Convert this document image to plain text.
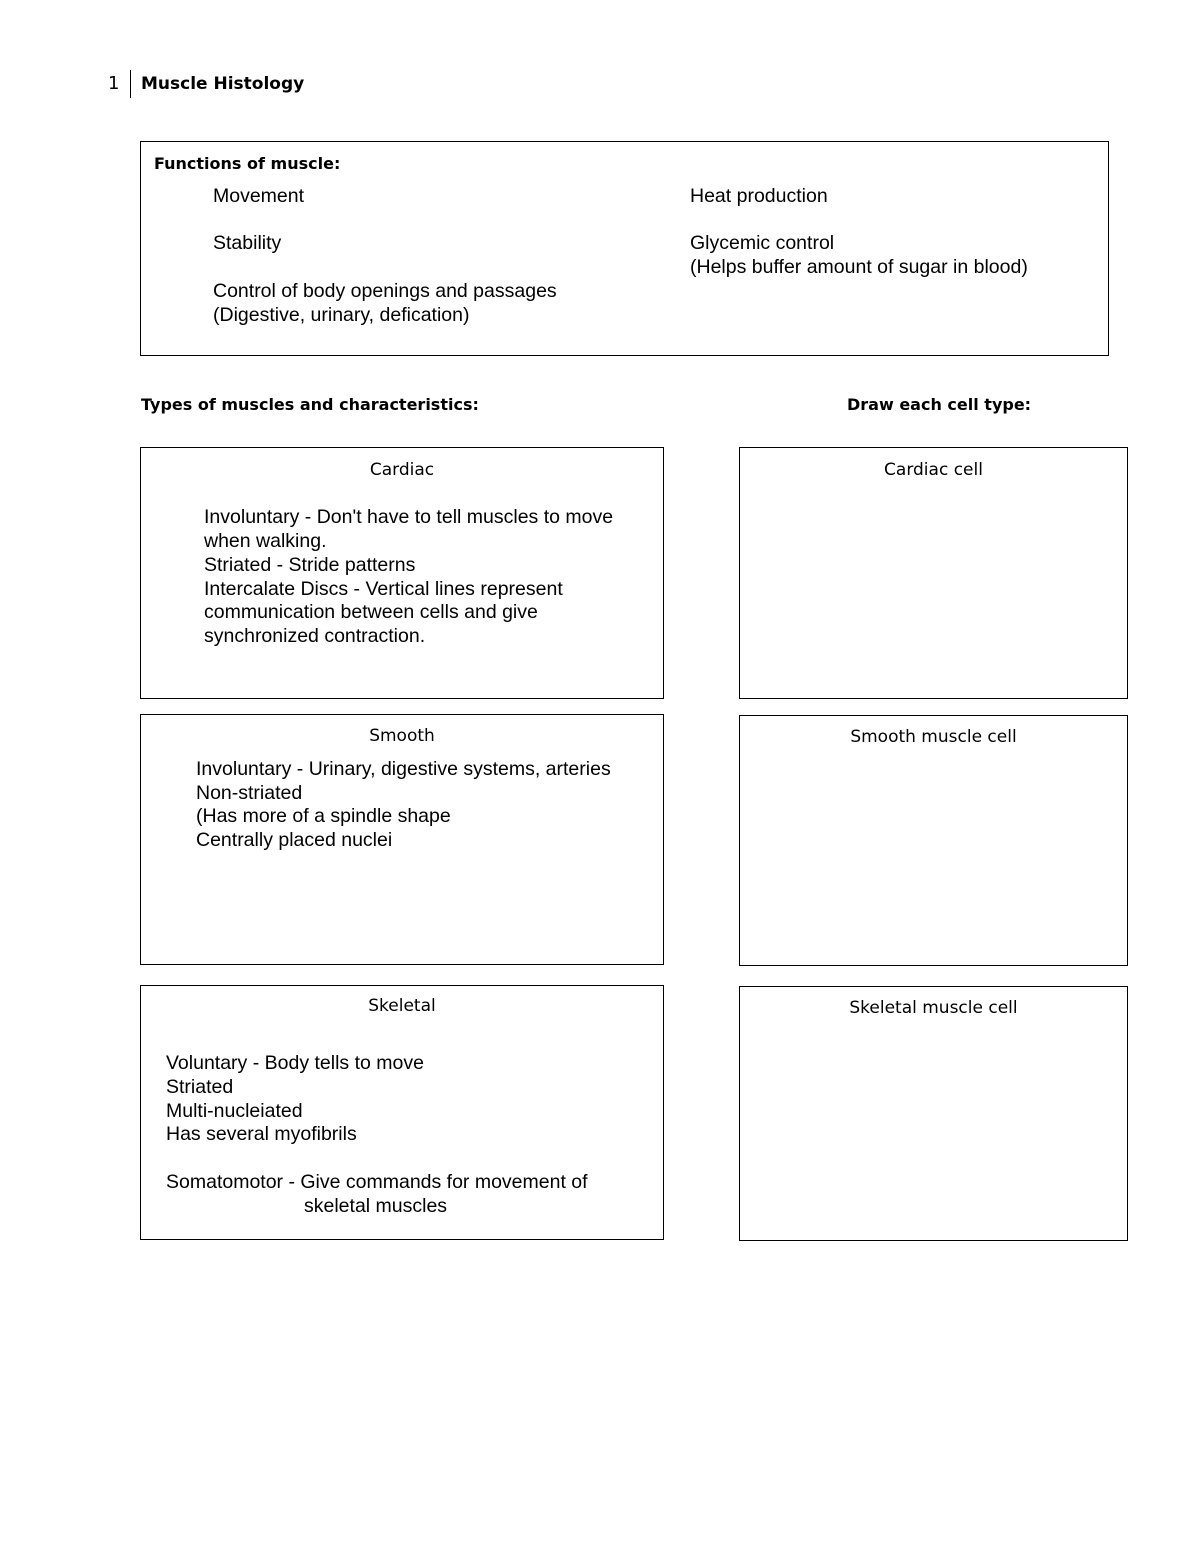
1 Muscle Histology
Functions of muscle:
Movement
Stability
Control of body openings and passages
(Digestive, urinary, defication)
Heat production
Glycemic control
(Helps buffer amount of sugar in blood)
Types of muscles and characteristics:	Draw each cell type:
Cardiac
Involuntary - Don't have to tell muscles to move
when walking.
Striated - Stride patterns
Intercalate Discs - Vertical lines represent
communication between cells and give
synchronized contraction.
Smooth
Involuntary - Urinary, digestive systems, arteries
Non-striated
(Has more of a spindle shape
Centrally placed nuclei
Skeletal
Voluntary - Body tells to move
Striated
Multi-nucleiated
Has several myofibrils
Somatomotor - Give commands for movement of
skeletal muscles
Cardiac cell
Smooth muscle cell
Skeletal muscle cell
